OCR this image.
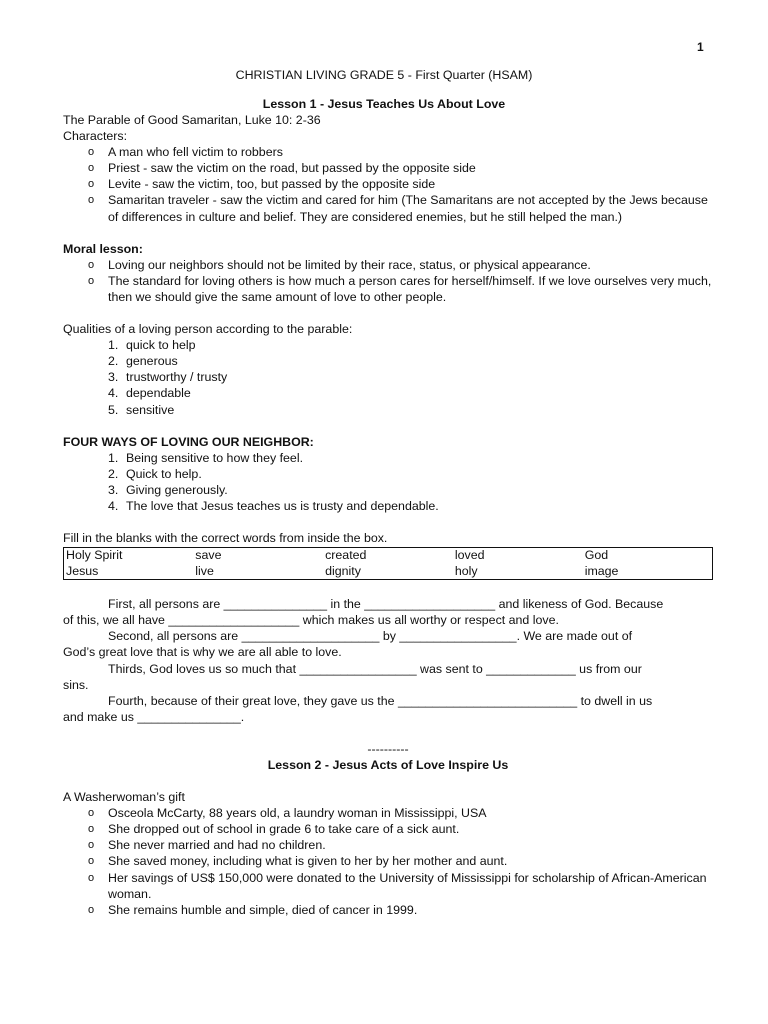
1
CHRISTIAN LIVING GRADE 5 - First Quarter (HSAM)
Lesson 1 - Jesus Teaches Us About Love

The Parable of Good Samaritan, Luke 10: 2-36

Characters:

o A man who fell victim to robbers
o Priest - saw the victim on the road, but passed by the opposite side
o Levite - saw the victim, too, but passed by the opposite side
o Samaritan traveler - saw the victim and cared for him (The Samaritans are not accepted by the Jews because of differences in culture and belief. They are considered enemies, but he still helped the man.)

Moral lesson:

o Loving our neighbors should not be limited by their race, status, or physical appearance.
o The standard for loving others is how much a person cares for herself/himself. If we love ourselves very much, then we should give the same amount of love to other people.

Qualities of a loving person according to the parable:

1. quick to help
2. generous
3. trustworthy / trusty
4. dependable
5. sensitive

FOUR WAYS OF LOVING OUR NEIGHBOR:

1. Being sensitive to how they feel.
2. Quick to help.
3. Giving generously.
4. The love that Jesus teaches us is trusty and dependable.

Fill in the blanks with the correct words from inside the box.

Holy Spirit	save	created	loved	God
Jesus	live	dignity	holy	image

First, all persons are _______________ in the ___________________ and likeness of God. Because

of this, we all have ___________________ which makes us all worthy or respect and love.

Second, all persons are ____________________ by _________________. We are made out of

God’s great love that is why we are all able to love.

Thirds, God loves us so much that _________________ was sent to _____________ us from our

sins.

Fourth, because of their great love, they gave us the __________________________ to dwell in us

and make us _______________.

----------

Lesson 2 - Jesus Acts of Love Inspire Us

A Washerwoman’s gift

o Osceola McCarty, 88 years old, a laundry woman in Mississippi, USA
o She dropped out of school in grade 6 to take care of a sick aunt.
o She never married and had no children.
o She saved money, including what is given to her by her mother and aunt.
o Her savings of US$ 150,000 were donated to the University of Mississippi for scholarship of African-American woman.
o She remains humble and simple, died of cancer in 1999.
